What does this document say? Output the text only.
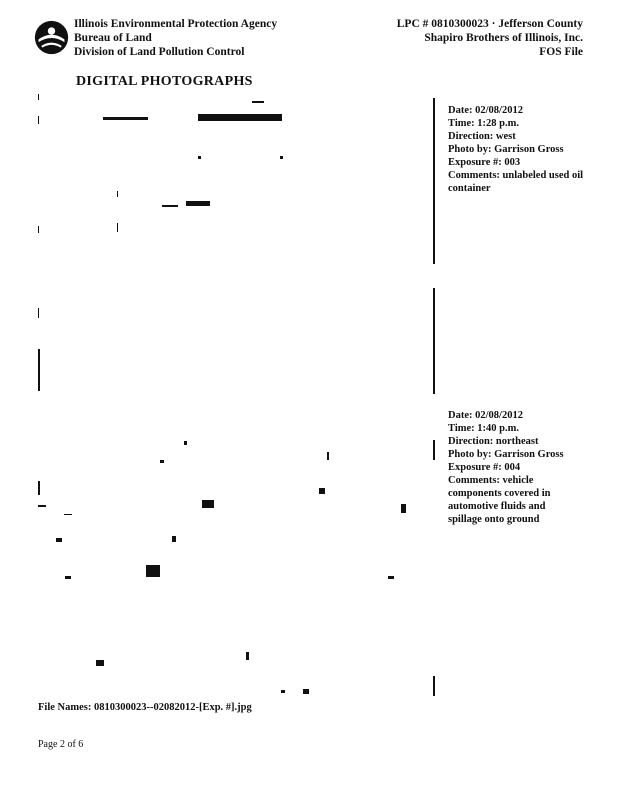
Illinois Environmental Protection Agency
Bureau of Land
Division of Land Pollution Control
LPC # 0810300023 · Jefferson County
Shapiro Brothers of Illinois, Inc.
FOS File
DIGITAL PHOTOGRAPHS
Date: 02/08/2012
Time: 1:28 p.m.
Direction: west
Photo by: Garrison Gross
Exposure #: 003
Comments: unlabeled used oil container
Date: 02/08/2012
Time: 1:40 p.m.
Direction: northeast
Photo by: Garrison Gross
Exposure #: 004
Comments: vehicle components covered in automotive fluids and spillage onto ground
File Names: 0810300023--02082012-[Exp. #].jpg
Page 2 of 6
